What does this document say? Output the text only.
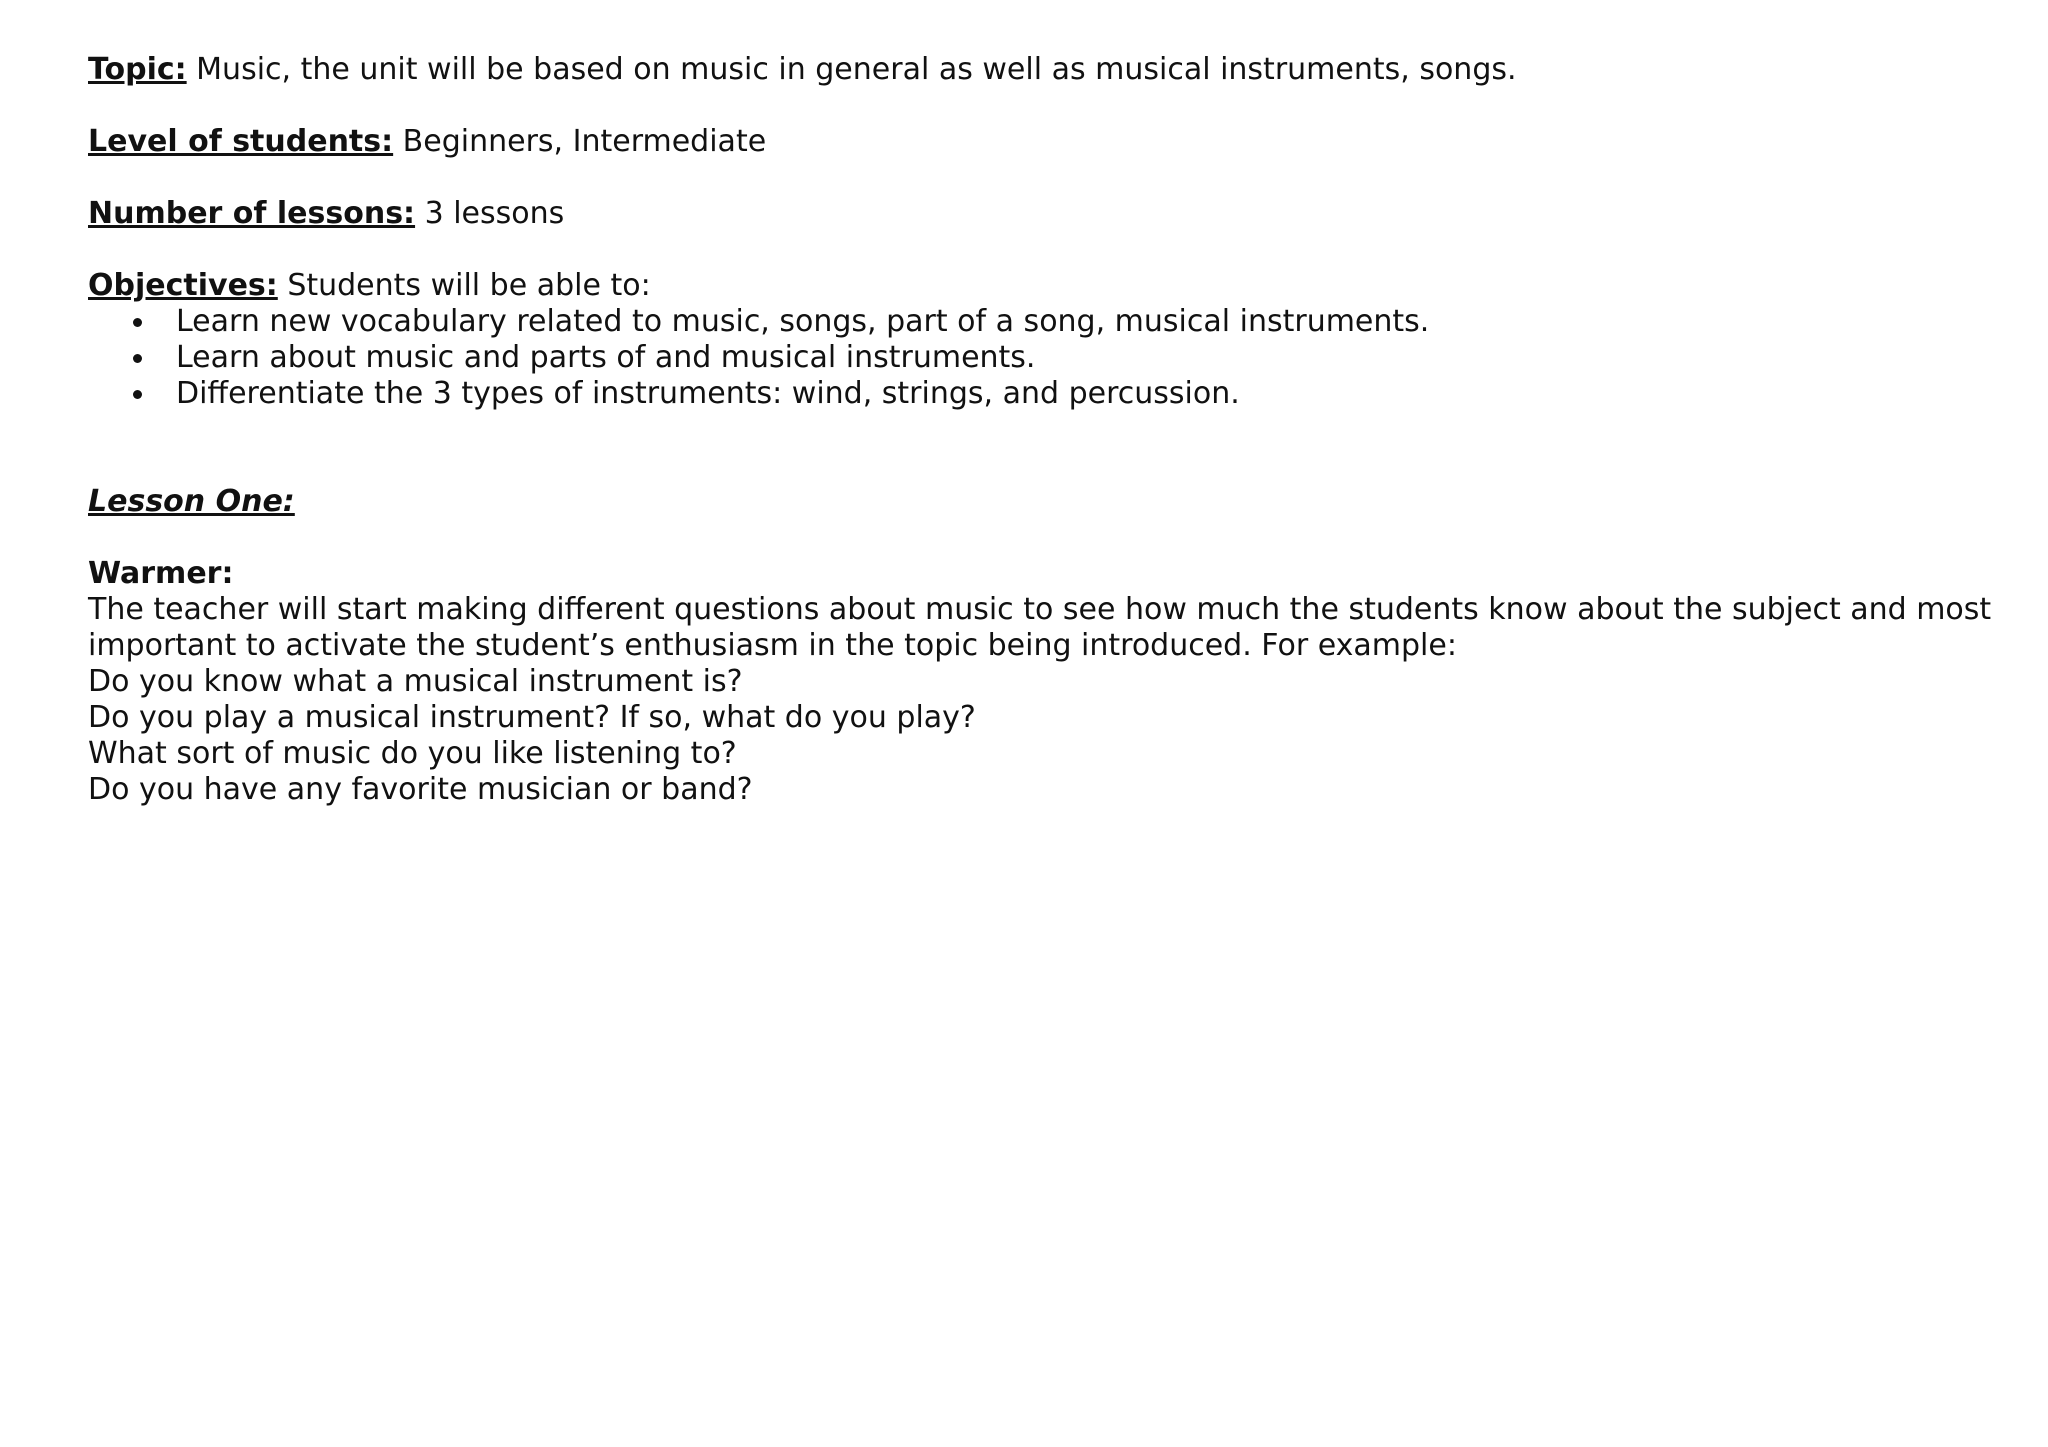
Topic: Music, the unit will be based on music in general as well as musical instruments, songs.

Level of students: Beginners, Intermediate

Number of lessons: 3 lessons

Objectives: Students will be able to:

Learn new vocabulary related to music, songs, part of a song, musical instruments.
Learn about music and parts of and musical instruments.
Differentiate the 3 types of instruments: wind, strings, and percussion.

Lesson One:

Warmer:

The teacher will start making different questions about music to see how much the students know about the subject and most

important to activate the student’s enthusiasm in the topic being introduced. For example:

Do you know what a musical instrument is?

Do you play a musical instrument? If so, what do you play?

What sort of music do you like listening to?

Do you have any favorite musician or band?
